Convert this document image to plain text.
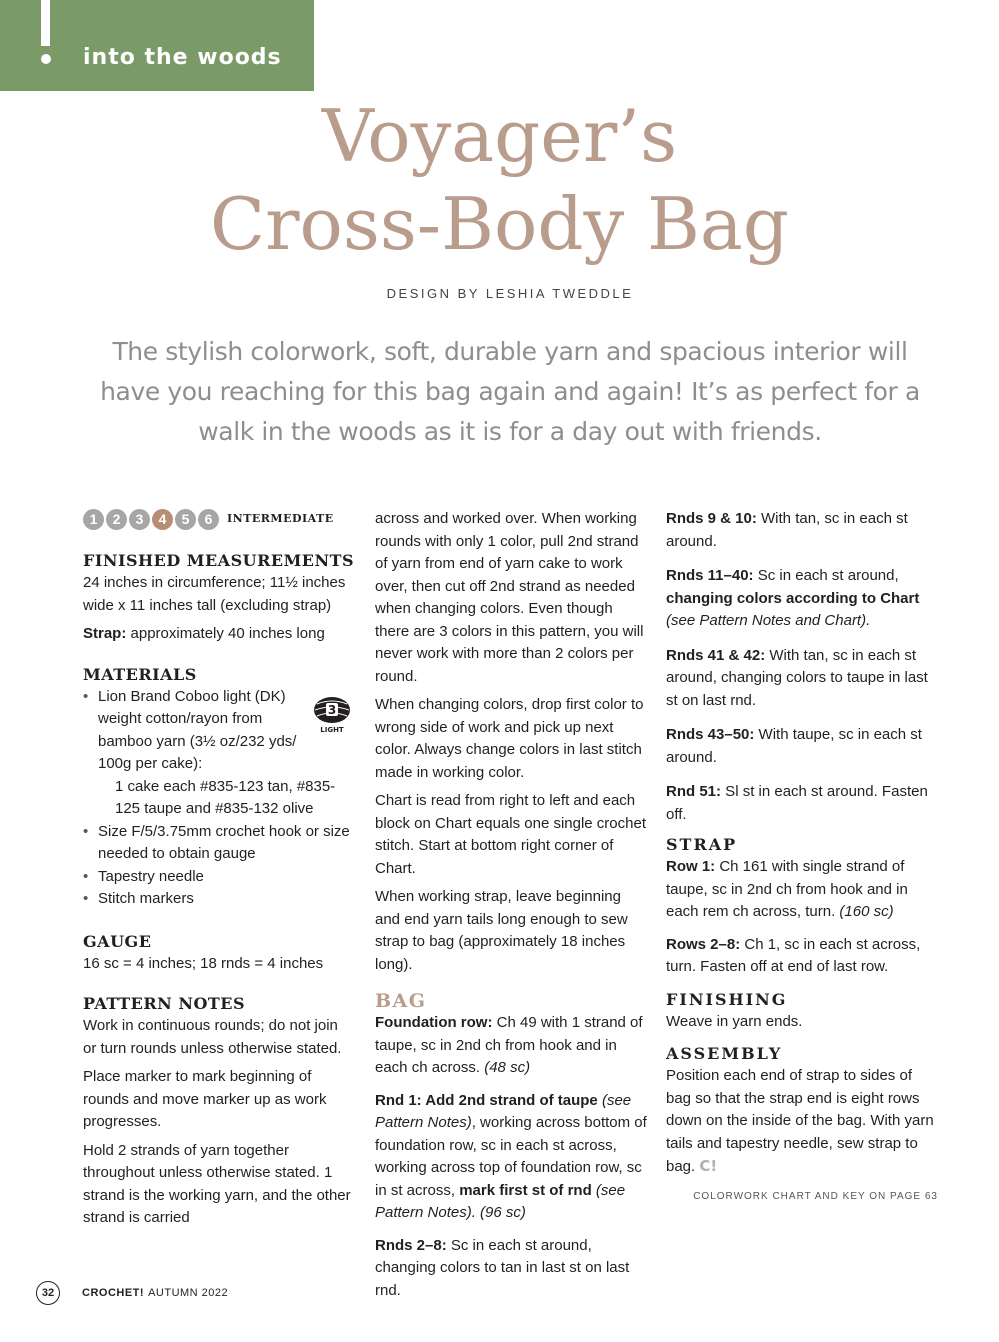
into the woods
Voyager’s
Cross-Body Bag
DESIGN BY LESHIA TWEDDLE

The stylish colorwork, soft, durable yarn and spacious interior will have you reaching for this bag again and again! It’s as perfect for a walk in the woods as it is for a day out with friends.

1	2	3	4	5	6	INTERMEDIATE
FINISHED MEASUREMENTS

24 inches in circumference; 11½ inches wide x 11 inches tall (excluding strap)

Strap: approximately 40 inches long

MATERIALS
3
LIGHT
• Lion Brand Coboo light (DK) weight cotton/rayon from bamboo yarn (3½ oz/232 yds/ 100g per cake):
1 cake each #835-123 tan, #835-125 taupe and #835-132 olive
• Size F/5/3.75mm crochet hook or size needed to obtain gauge
• Tapestry needle
• Stitch markers
GAUGE

16 sc = 4 inches; 18 rnds = 4 inches

PATTERN NOTES

Work in continuous rounds; do not join or turn rounds unless otherwise stated.

Place marker to mark beginning of rounds and move marker up as work progresses.

Hold 2 strands of yarn together throughout unless otherwise stated. 1 strand is the working yarn, and the other strand is carried

across and worked over. When working rounds with only 1 color, pull 2nd strand of yarn from end of yarn cake to work over, then cut off 2nd strand as needed when changing colors. Even though there are 3 colors in this pattern, you will never work with more than 2 colors per round.

When changing colors, drop first color to wrong side of work and pick up next color. Always change colors in last stitch made in working color.

Chart is read from right to left and each block on Chart equals one single crochet stitch. Start at bottom right corner of Chart.

When working strap, leave beginning and end yarn tails long enough to sew strap to bag (approximately 18 inches long).

BAG

Foundation row: Ch 49 with 1 strand of taupe, sc in 2nd ch from hook and in each ch across. (48 sc)

Rnd 1: Add 2nd strand of taupe (see Pattern Notes), working across bottom of foundation row, sc in each st across, working across top of foundation row, sc in st across, mark first st of rnd (see Pattern Notes). (96 sc)

Rnds 2–8: Sc in each st around, changing colors to tan in last st on last rnd.

Rnds 9 & 10: With tan, sc in each st around.

Rnds 11–40: Sc in each st around, changing colors according to Chart (see Pattern Notes and Chart).

Rnds 41 & 42: With tan, sc in each st around, changing colors to taupe in last st on last rnd.

Rnds 43–50: With taupe, sc in each st around.

Rnd 51: Sl st in each st around. Fasten off.

STRAP

Row 1: Ch 161 with single strand of taupe, sc in 2nd ch from hook and in each rem ch across, turn. (160 sc)

Rows 2–8: Ch 1, sc in each st across, turn. Fasten off at end of last row.

FINISHING

Weave in yarn ends.

ASSEMBLY

Position each end of strap to sides of bag so that the strap end is eight rows down on the inside of the bag. With yarn tails and tapestry needle, sew strap to bag. C!

COLORWORK CHART AND KEY ON PAGE 63
32	CROCHET! AUTUMN 2022
